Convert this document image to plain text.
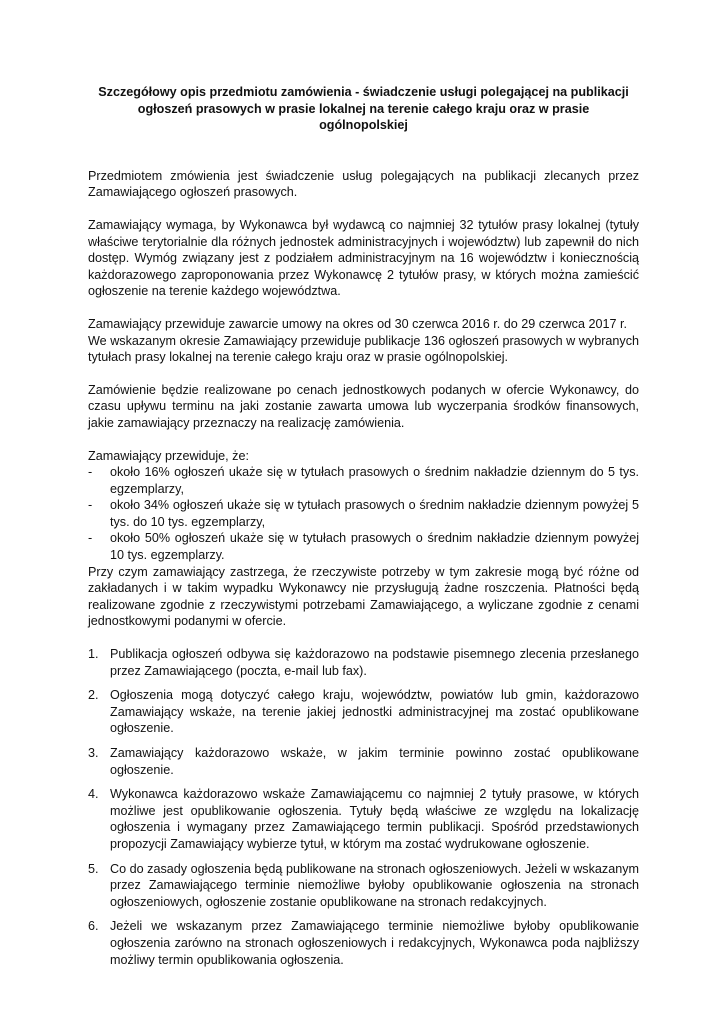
Szczegółowy opis przedmiotu zamówienia - świadczenie usługi polegającej na publikacji ogłoszeń prasowych w prasie lokalnej na terenie całego kraju oraz w prasie ogólnopolskiej

Przedmiotem zmówienia jest świadczenie usług polegających na publikacji zlecanych przez Zamawiającego ogłoszeń prasowych.

Zamawiający wymaga, by Wykonawca był wydawcą co najmniej 32 tytułów prasy lokalnej (tytuły właściwe terytorialnie dla różnych jednostek administracyjnych i województw) lub zapewnił do nich dostęp. Wymóg związany jest z podziałem administracyjnym na 16 województw i koniecznością każdorazowego zaproponowania przez Wykonawcę 2 tytułów prasy, w których można zamieścić ogłoszenie na terenie każdego województwa.

Zamawiający przewiduje zawarcie umowy na okres od 30 czerwca 2016 r. do 29 czerwca 2017 r.

We wskazanym okresie Zamawiający przewiduje publikacje 136 ogłoszeń prasowych w wybranych tytułach prasy lokalnej na terenie całego kraju oraz w prasie ogólnopolskiej.

Zamówienie będzie realizowane po cenach jednostkowych podanych w ofercie Wykonawcy, do czasu upływu terminu na jaki zostanie zawarta umowa lub wyczerpania środków finansowych, jakie zamawiający przeznaczy na realizację zamówienia.

Zamawiający przewiduje, że:

- około 16% ogłoszeń ukaże się w tytułach prasowych o średnim nakładzie dziennym do 5 tys. egzemplarzy,
- około 34% ogłoszeń ukaże się w tytułach prasowych o średnim nakładzie dziennym powyżej 5 tys. do 10 tys. egzemplarzy,
- około 50% ogłoszeń ukaże się w tytułach prasowych o średnim nakładzie dziennym powyżej 10 tys. egzemplarzy.

Przy czym zamawiający zastrzega, że rzeczywiste potrzeby w tym zakresie mogą być różne od zakładanych i w takim wypadku Wykonawcy nie przysługują żadne roszczenia. Płatności będą realizowane zgodnie z rzeczywistymi potrzebami Zamawiającego, a wyliczane zgodnie z cenami jednostkowymi podanymi w ofercie.

1. Publikacja ogłoszeń odbywa się każdorazowo na podstawie pisemnego zlecenia przesłanego przez Zamawiającego (poczta, e-mail lub fax).
2. Ogłoszenia mogą dotyczyć całego kraju, województw, powiatów lub gmin, każdorazowo Zamawiający wskaże, na terenie jakiej jednostki administracyjnej ma zostać opublikowane ogłoszenie.
3. Zamawiający każdorazowo wskaże, w jakim terminie powinno zostać opublikowane ogłoszenie.
4. Wykonawca każdorazowo wskaże Zamawiającemu co najmniej 2 tytuły prasowe, w których możliwe jest opublikowanie ogłoszenia. Tytuły będą właściwe ze względu na lokalizację ogłoszenia i wymagany przez Zamawiającego termin publikacji. Spośród przedstawionych propozycji Zamawiający wybierze tytuł, w którym ma zostać wydrukowane ogłoszenie.
5. Co do zasady ogłoszenia będą publikowane na stronach ogłoszeniowych. Jeżeli w wskazanym przez Zamawiającego terminie niemożliwe byłoby opublikowanie ogłoszenia na stronach ogłoszeniowych, ogłoszenie zostanie opublikowane na stronach redakcyjnych.
6. Jeżeli we wskazanym przez Zamawiającego terminie niemożliwe byłoby opublikowanie ogłoszenia zarówno na stronach ogłoszeniowych i redakcyjnych, Wykonawca poda najbliższy możliwy termin opublikowania ogłoszenia.
